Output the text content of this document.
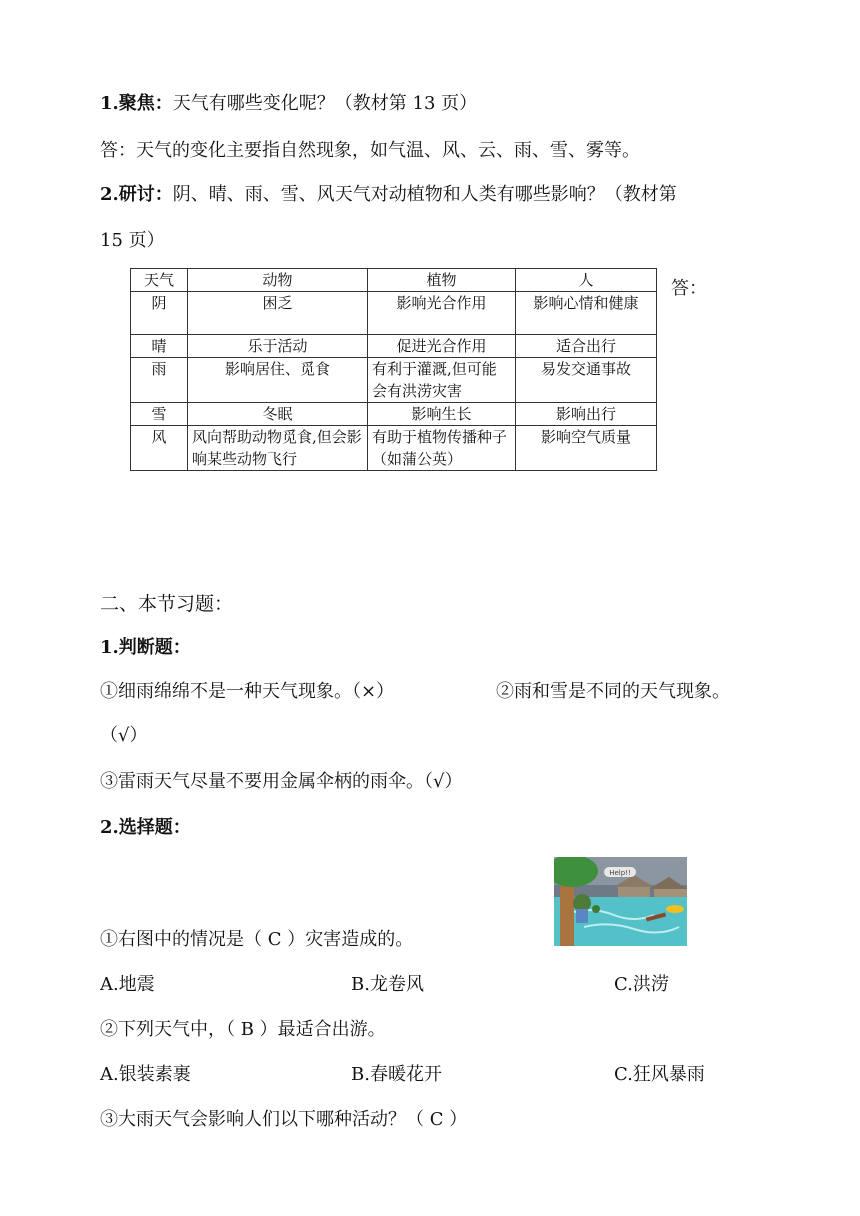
1.聚焦：天气有哪些变化呢？（教材第 13 页）
答：天气的变化主要指自然现象，如气温、风、云、雨、雪、雾等。
2.研讨：阴、晴、雨、雪、风天气对动植物和人类有哪些影响？（教材第
15 页）
天气	动物	植物	人
阴	困乏	影响光合作用	影响心情和健康
晴	乐于活动	促进光合作用	适合出行
雨	影响居住、觅食	有利于灌溉,但可能会有洪涝灾害	易发交通事故
雪	冬眠	影响生长	影响出行
风	风向帮助动物觅食,但会影响某些动物飞行	有助于植物传播种子（如蒲公英）	影响空气质量
答：
二、本节习题：
1.判断题：
①细雨绵绵不是一种天气现象。（×）	②雨和雪是不同的天气现象。
（√）
③雷雨天气尽量不要用金属伞柄的雨伞。（√）
2.选择题：
Help!!
①右图中的情况是（ C ）灾害造成的。
A.地震	B.龙卷风	C.洪涝
②下列天气中，（ B ）最适合出游。
A.银装素裹	B.春暖花开	C.狂风暴雨
③大雨天气会影响人们以下哪种活动？（ C ）
